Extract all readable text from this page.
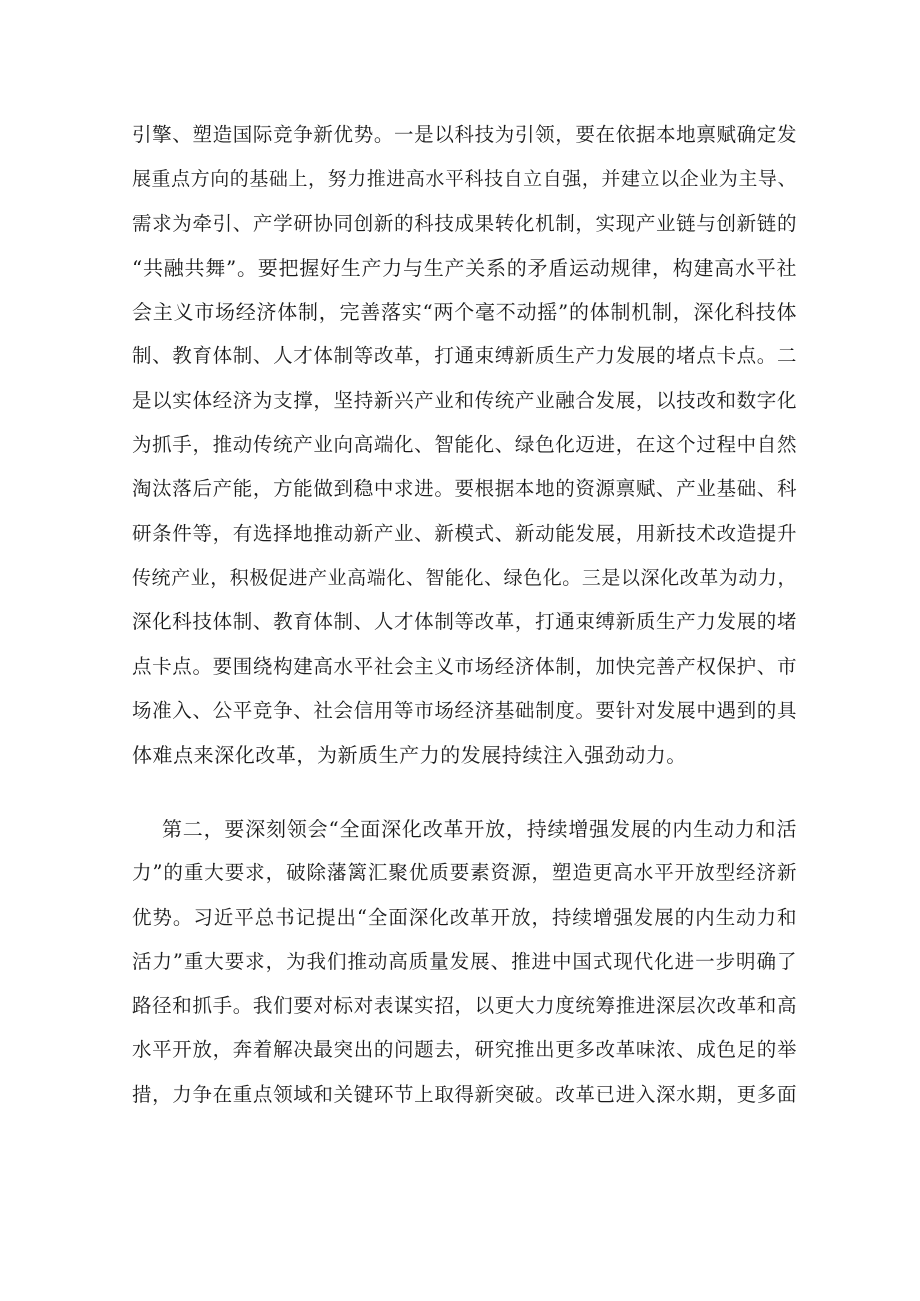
引擎、塑造国际竞争新优势。一是以科技为引领，要在依据本地禀赋确定发
展重点方向的基础上，努力推进高水平科技自立自强，并建立以企业为主导、
需求为牵引、产学研协同创新的科技成果转化机制，实现产业链与创新链的
“共融共舞”。要把握好生产力与生产关系的矛盾运动规律，构建高水平社
会主义市场经济体制，完善落实“两个毫不动摇”的体制机制，深化科技体
制、教育体制、人才体制等改革，打通束缚新质生产力发展的堵点卡点。二
是以实体经济为支撑，坚持新兴产业和传统产业融合发展，以技改和数字化
为抓手，推动传统产业向高端化、智能化、绿色化迈进，在这个过程中自然
淘汰落后产能，方能做到稳中求进。要根据本地的资源禀赋、产业基础、科
研条件等，有选择地推动新产业、新模式、新动能发展，用新技术改造提升
传统产业，积极促进产业高端化、智能化、绿色化。三是以深化改革为动力，
深化科技体制、教育体制、人才体制等改革，打通束缚新质生产力发展的堵
点卡点。要围绕构建高水平社会主义市场经济体制，加快完善产权保护、市
场准入、公平竞争、社会信用等市场经济基础制度。要针对发展中遇到的具
体难点来深化改革，为新质生产力的发展持续注入强劲动力。
第二，要深刻领会“全面深化改革开放，持续增强发展的内生动力和活
力”的重大要求，破除藩篱汇聚优质要素资源，塑造更高水平开放型经济新
优势。习近平总书记提出“全面深化改革开放，持续增强发展的内生动力和
活力”重大要求，为我们推动高质量发展、推进中国式现代化进一步明确了
路径和抓手。我们要对标对表谋实招，以更大力度统筹推进深层次改革和高
水平开放，奔着解决最突出的问题去，研究推出更多改革味浓、成色足的举
措，力争在重点领域和关键环节上取得新突破。改革已进入深水期，更多面
